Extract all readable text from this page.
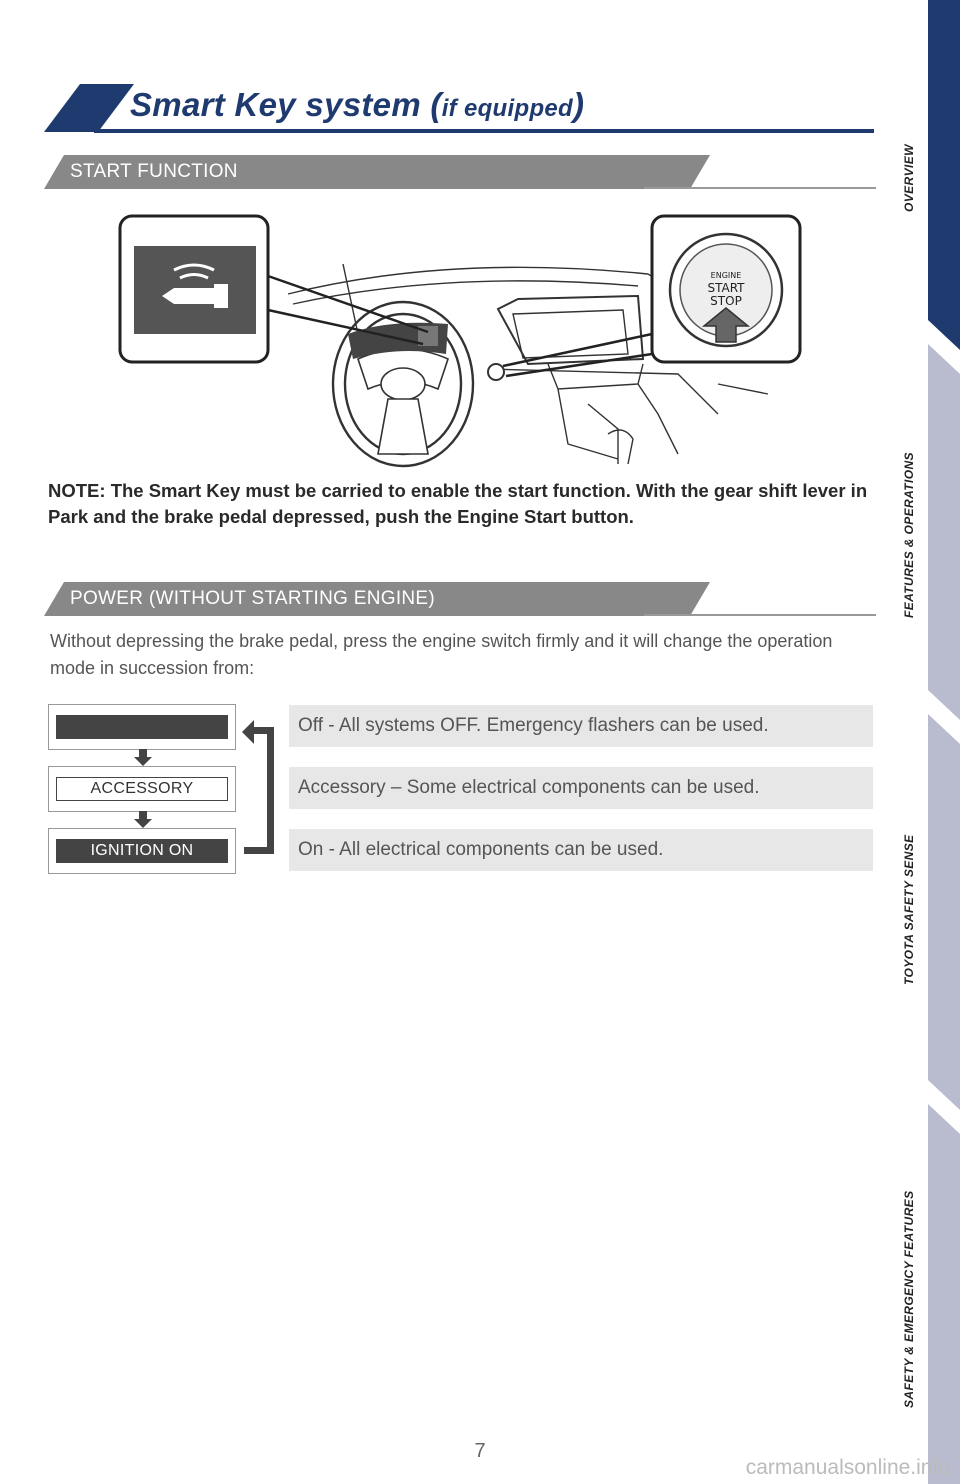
Smart Key system (if equipped)
START FUNCTION
ENGINE
START
STOP
NOTE: The Smart Key must be carried to enable the start function. With the gear shift lever in Park and the brake pedal depressed, push the Engine Start button.
POWER (WITHOUT STARTING ENGINE)
Without depressing the brake pedal, press the engine switch firmly and it will change the operation mode in succession from:
ACCESSORY
IGNITION ON
Off - All systems OFF. Emergency flashers can be used.
Accessory – Some electrical components can be used.
On - All electrical components can be used.
OVERVIEW
FEATURES & OPERATIONS
TOYOTA SAFETY SENSE
SAFETY & EMERGENCY FEATURES
7
carmanualsonline.info
